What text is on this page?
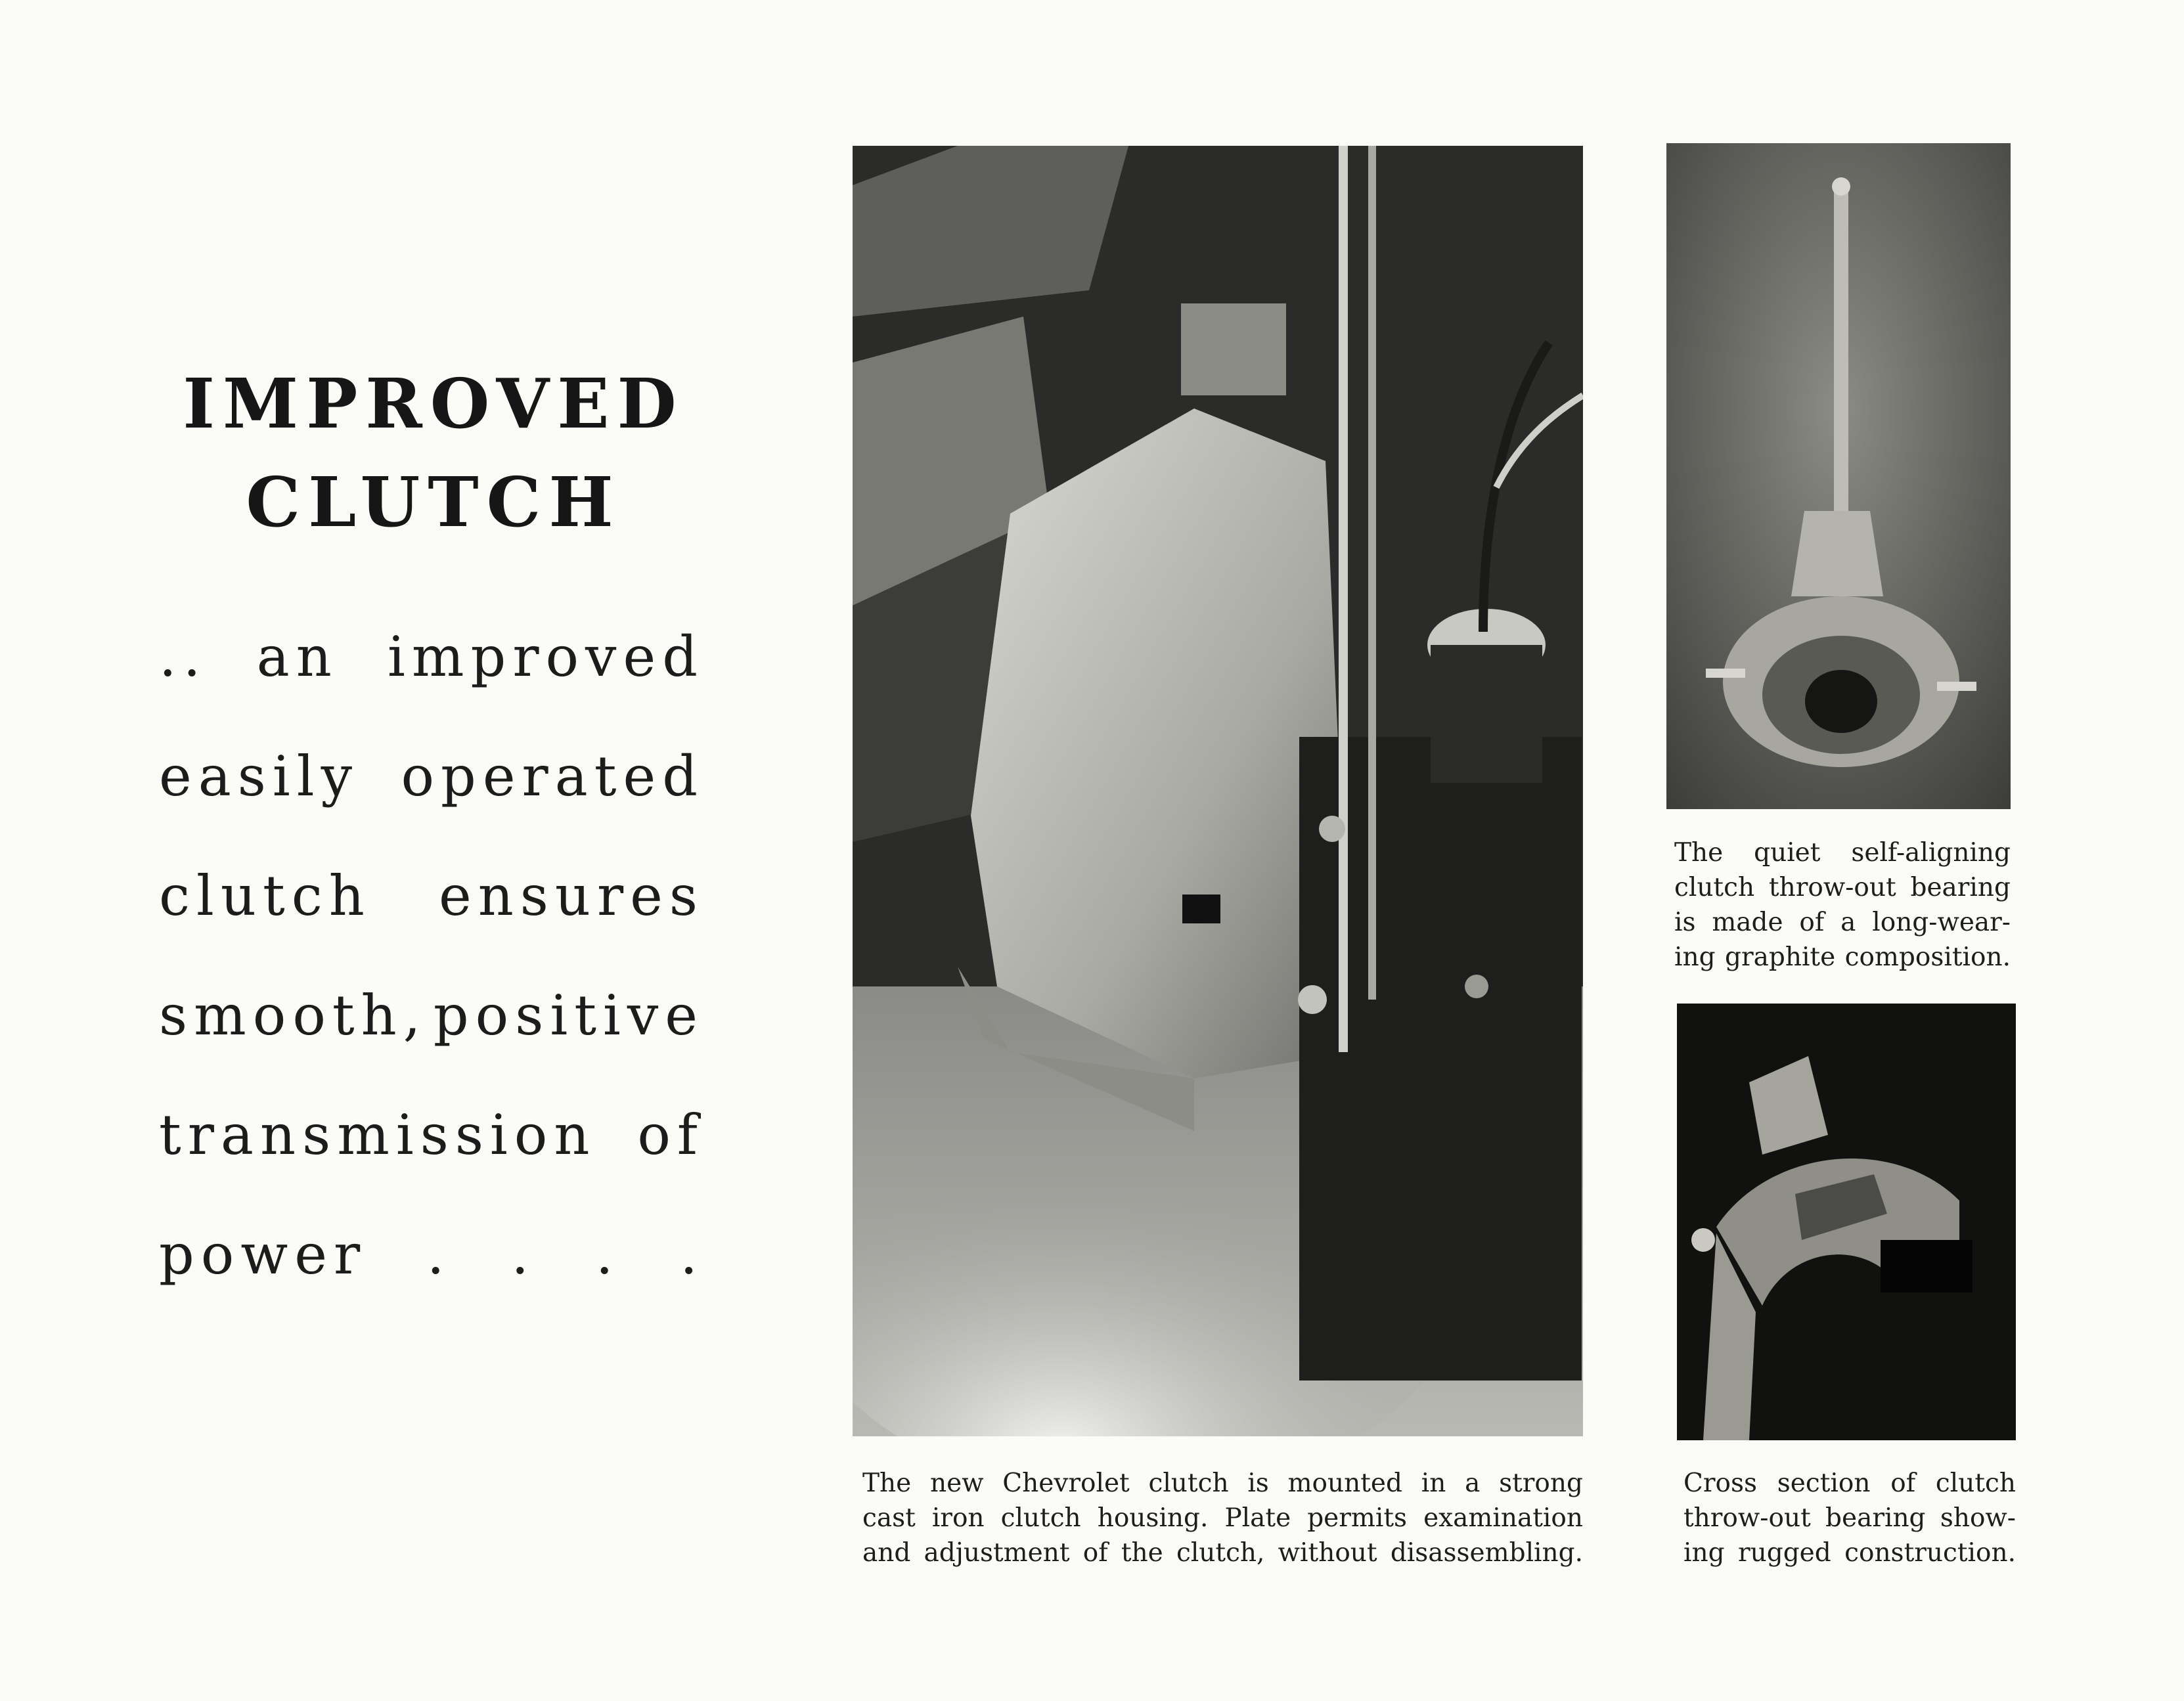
IMPROVED
CLUTCH
.. an improved
easily operated
clutch ensures
smooth, positive
transmission of
power . . . .
The new Chevrolet clutch is mounted in a strong
cast iron clutch housing. Plate permits examination
and adjustment of the clutch, without disassembling.
The quiet self-aligning
clutch throw-out bearing
is made of a long-wear-
ing graphite composition.
Cross section of clutch
throw-out bearing show-
ing rugged construction.
